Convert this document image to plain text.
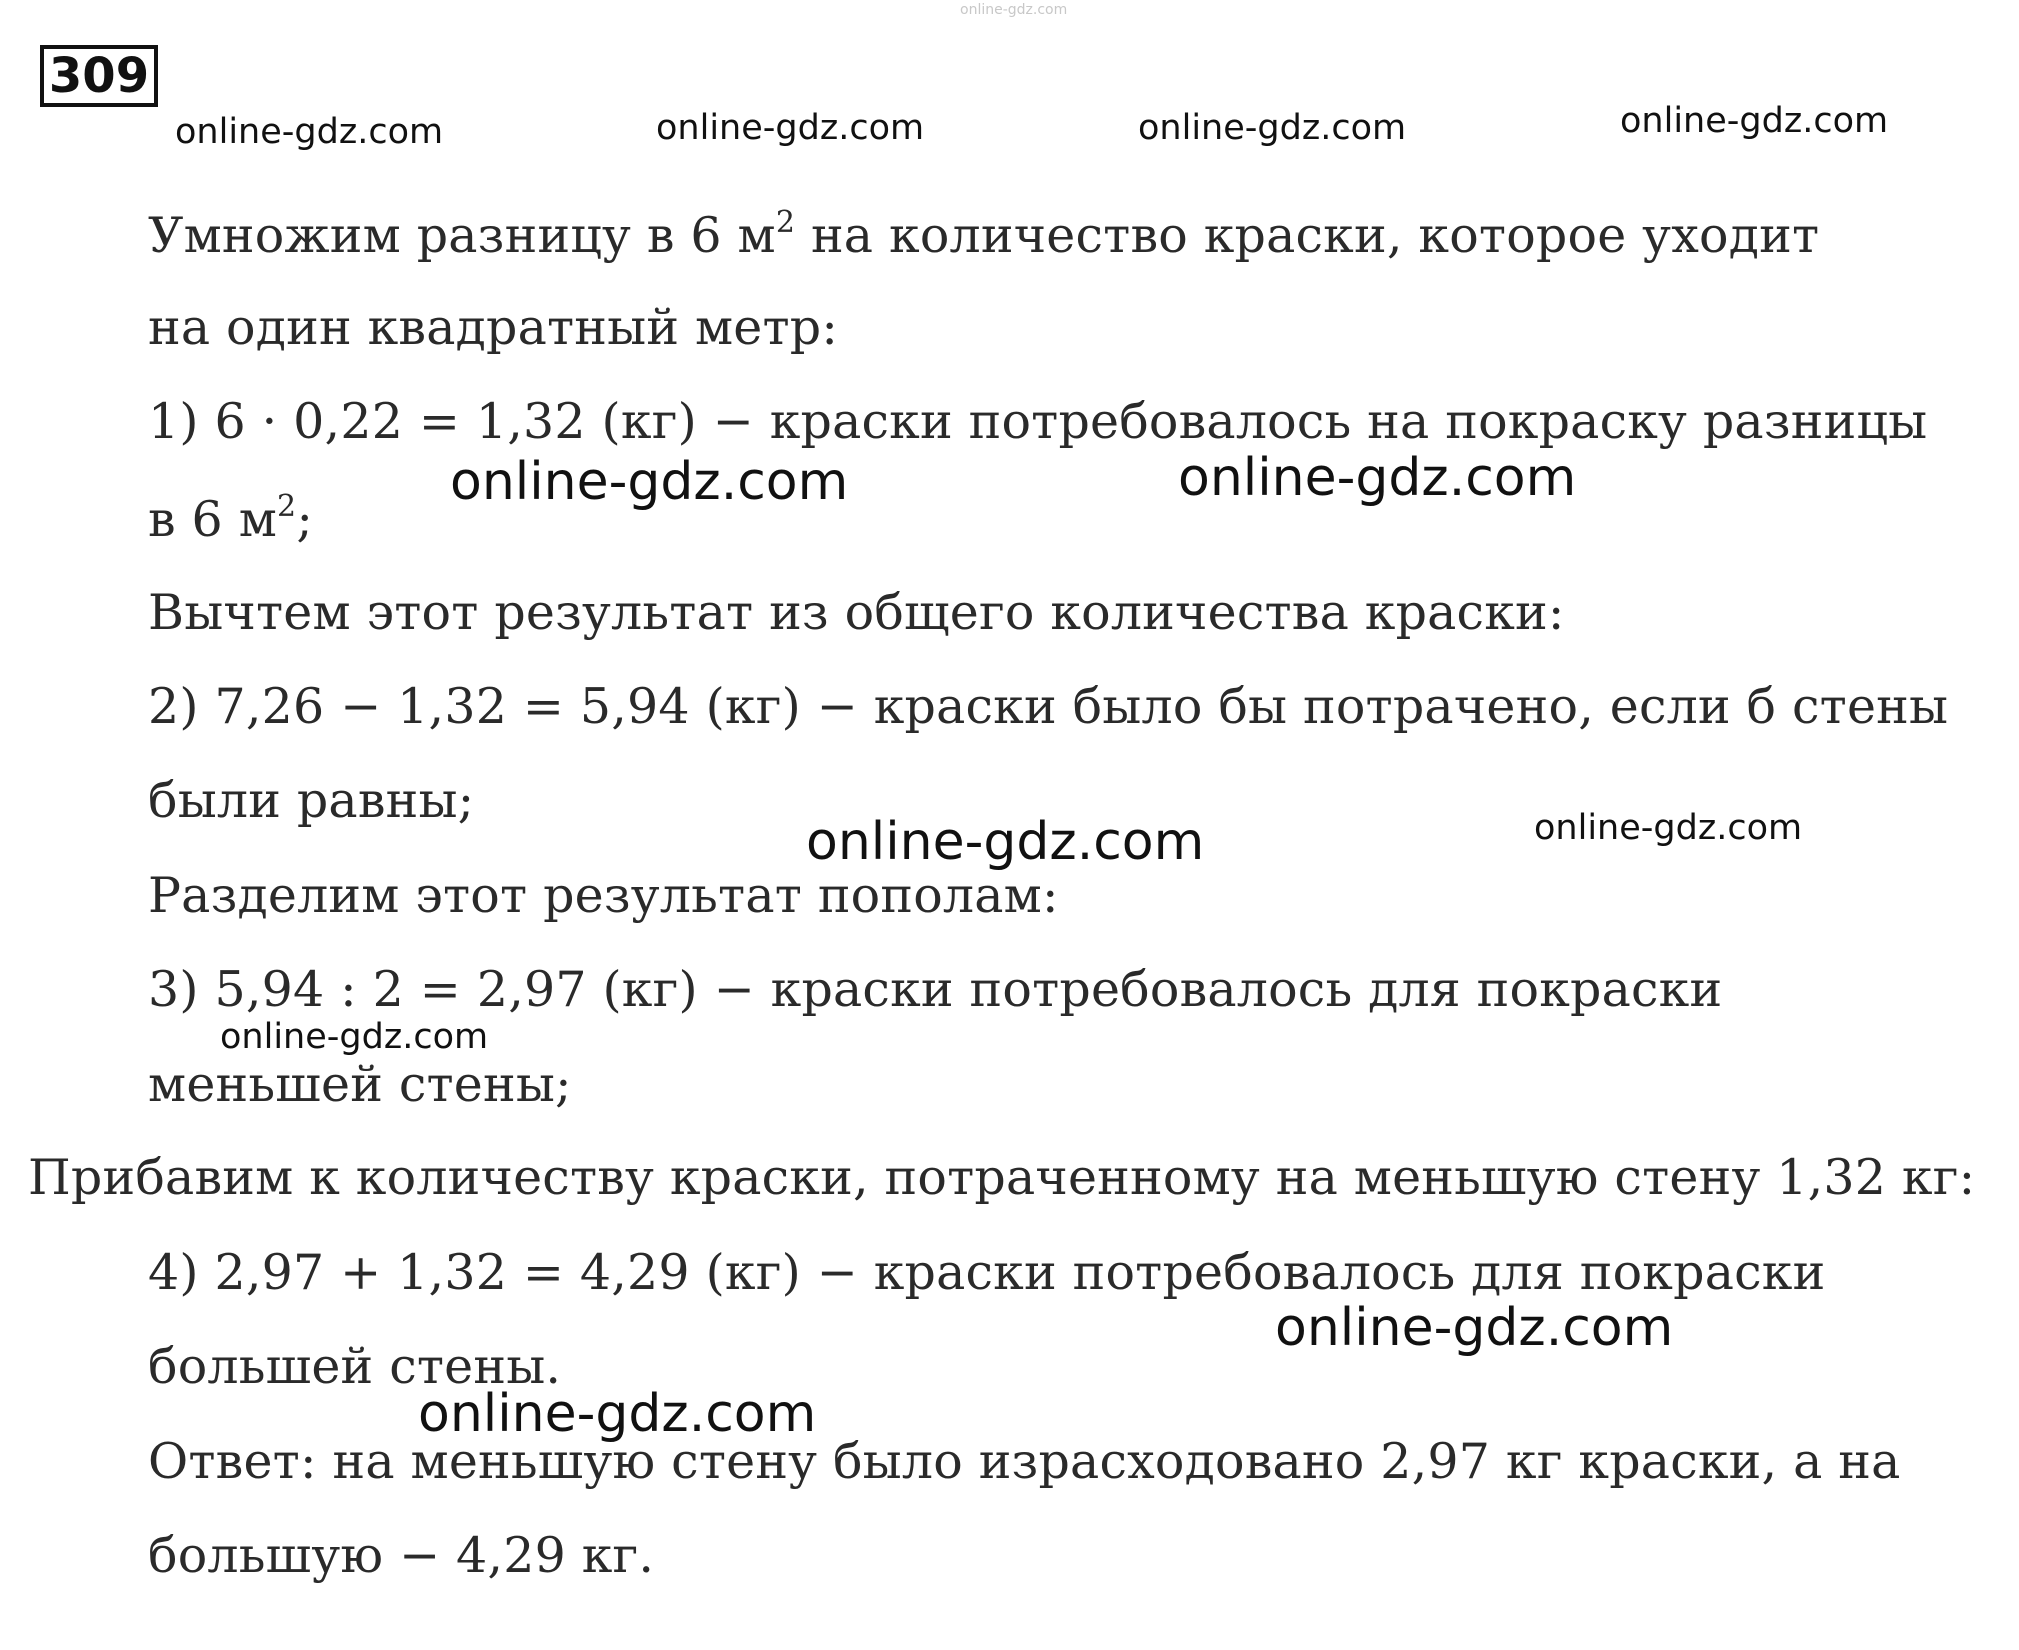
309
online-gdz.com
online-gdz.com	online-gdz.com	online-gdz.com	online-gdz.com
Умножим разницу в 6 $м^2$ на количество краски, которое уходит
на один квадратный метр:
1) 6 · 0,22 = 1,32 (кг) − краски потребовалось на покраску разницы
в 6 $м^2$;
Вычтем этот результат из общего количества краски:
2) 7,26 − 1,32 = 5,94 (кг) − краски было бы потрачено, если б стены
были равны;
Разделим этот результат пополам:
3) 5,94 : 2 = 2,97 (кг) − краски потребовалось для покраски
меньшей стены;
Прибавим к количеству краски, потраченному на меньшую стену 1,32 кг:
4) 2,97 + 1,32 = 4,29 (кг) − краски потребовалось для покраски
большей стены.
Ответ: на меньшую стену было израсходовано 2,97 кг краски, а на
большую − 4,29 кг.
online-gdz.com	online-gdz.com
online-gdz.com	online-gdz.com
online-gdz.com
online-gdz.com
online-gdz.com
